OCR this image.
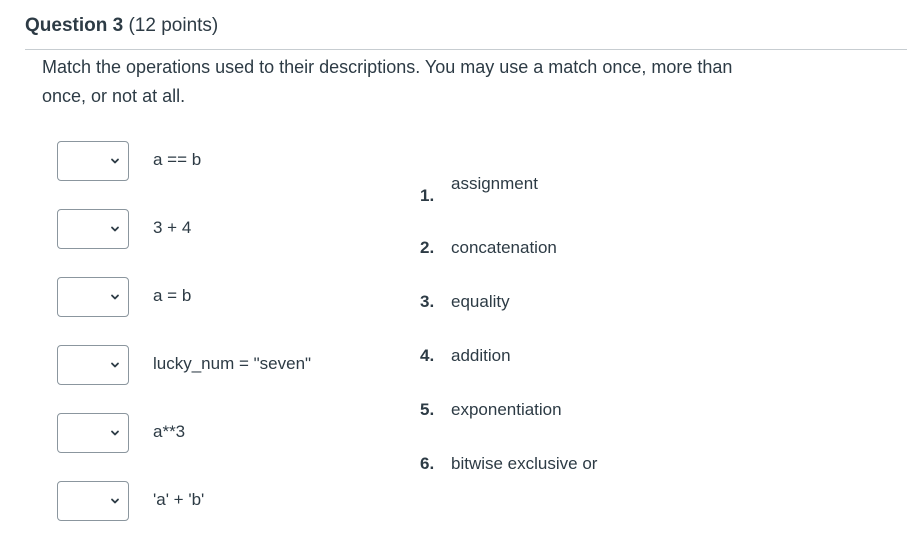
Question 3 (12 points)
Match the operations used to their descriptions. You may use a match once, more than once, or not at all.
a == b
3 + 4
a = b
lucky_num = "seven"
a**3
'a' + 'b'
1.
assignment
2. concatenation
3. equality
4. addition
5. exponentiation
6. bitwise exclusive or
